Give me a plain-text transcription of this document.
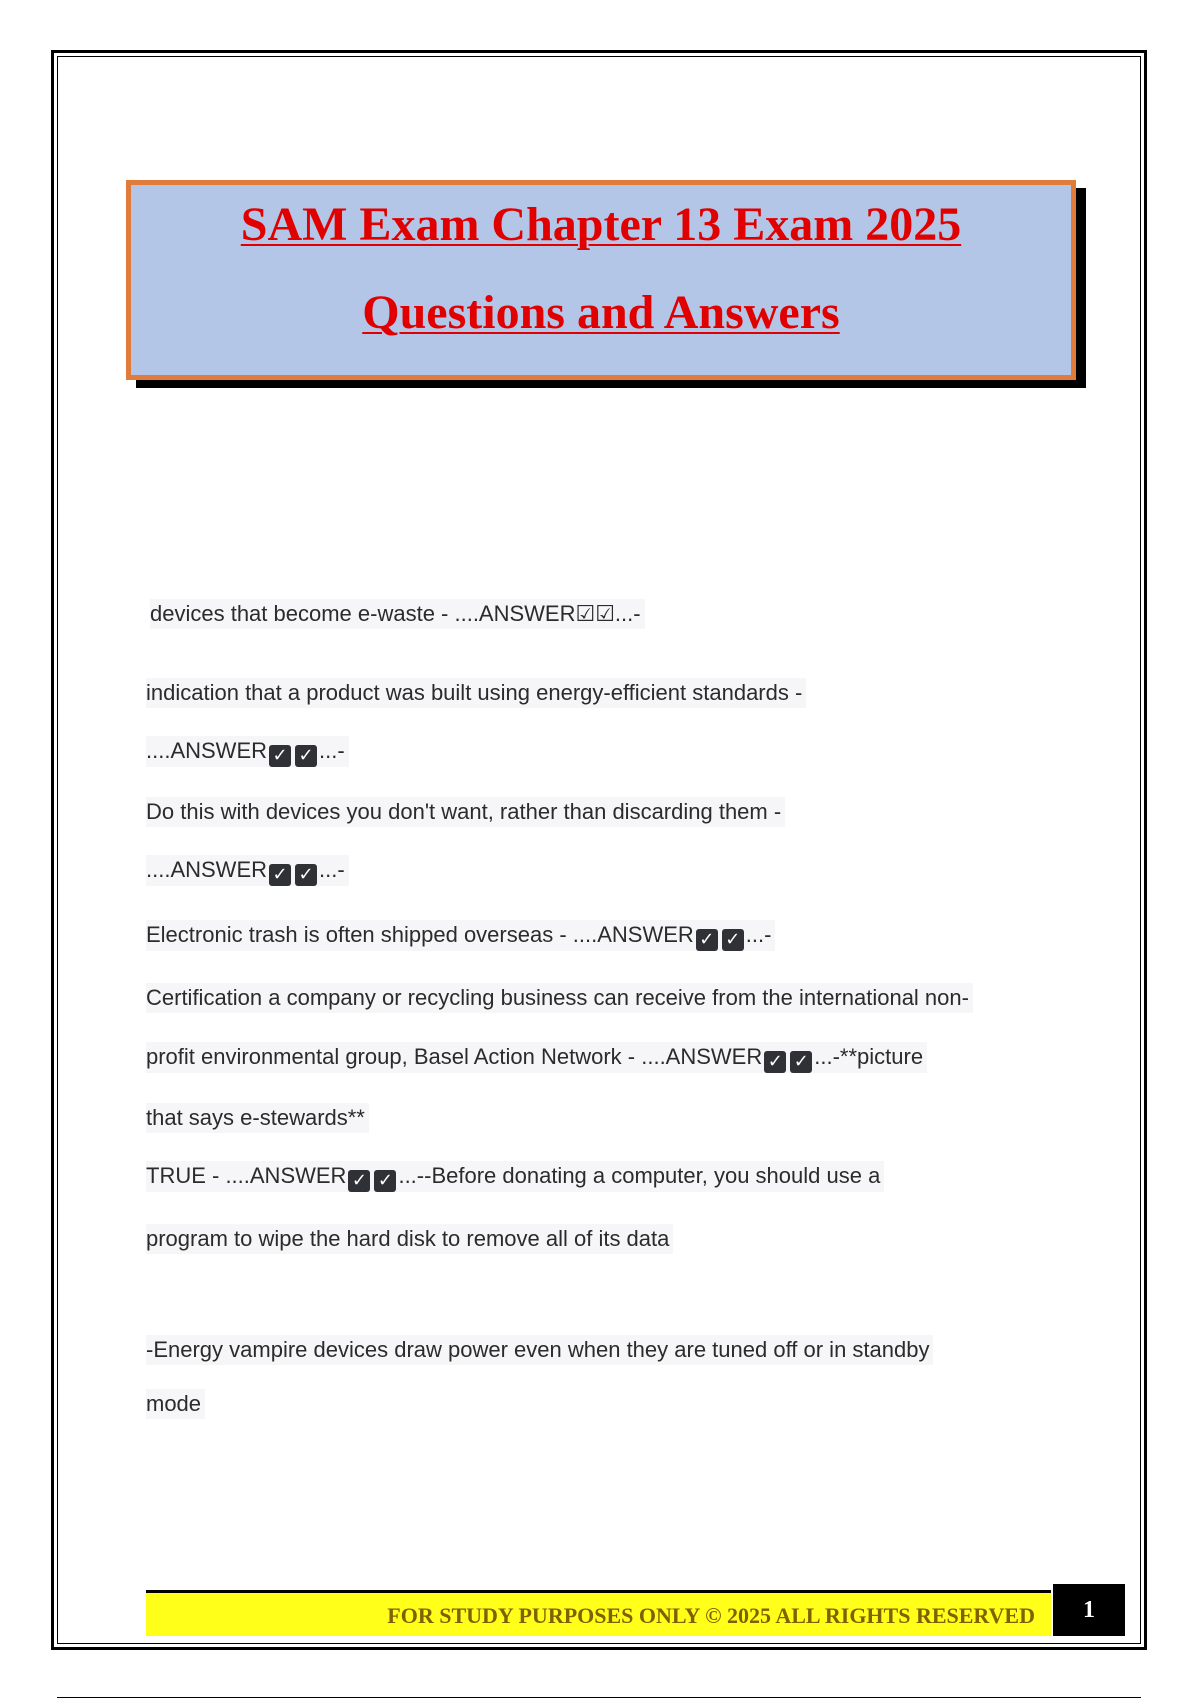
SAM Exam Chapter 13 Exam 2025
Questions and Answers
devices that become e-waste - ....ANSWER☑☑...-
indication that a product was built using energy-efficient standards -
....ANSWER ✓ ✓ ...-
Do this with devices you don't want, rather than discarding them -
....ANSWER ✓ ✓ ...-
Electronic trash is often shipped overseas - ....ANSWER ✓ ✓ ...-
Certification a company or recycling business can receive from the international non-
profit environmental group, Basel Action Network - ....ANSWER ✓ ✓ ...-**picture
that says e-stewards**
TRUE - ....ANSWER ✓ ✓ ...--Before donating a computer, you should use a
program to wipe the hard disk to remove all of its data
-Energy vampire devices draw power even when they are tuned off or in standby
mode
FOR STUDY PURPOSES ONLY © 2025 ALL RIGHTS RESERVED	1
